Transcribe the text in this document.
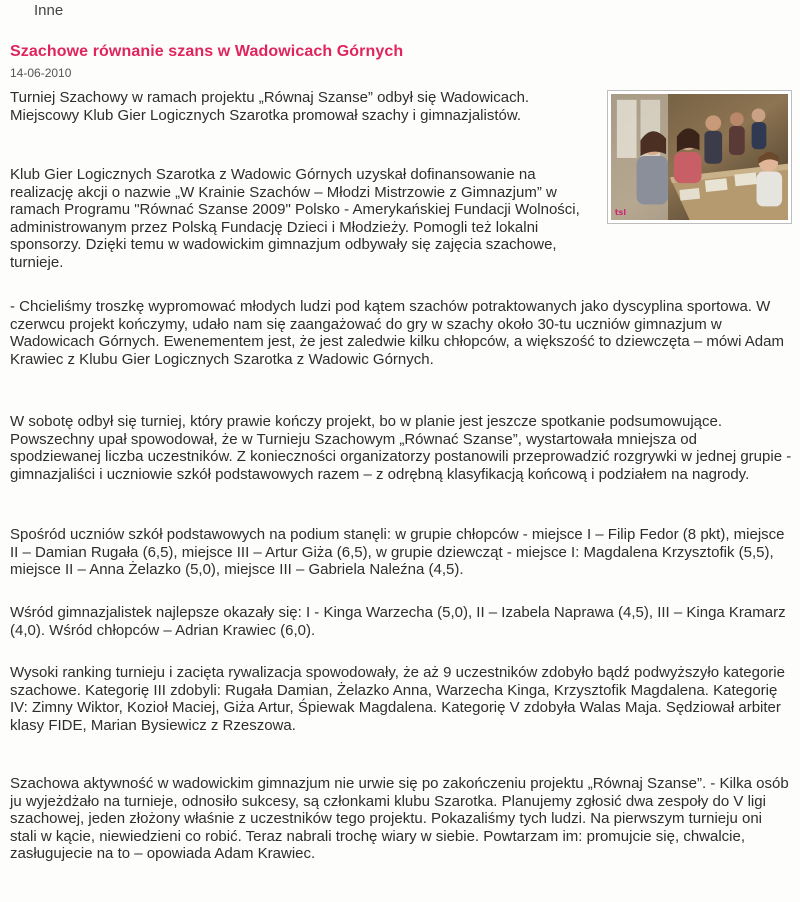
Inne
Szachowe równanie szans w Wadowicach Górnych
14-06-2010
tsl

Turniej Szachowy w ramach projektu „Równaj Szanse” odbył się Wadowicach. Miejscowy Klub Gier Logicznych Szarotka promował szachy i gimnazjalistów.

Klub Gier Logicznych Szarotka z Wadowic Górnych uzyskał dofinansowanie na realizację akcji o nazwie „W Krainie Szachów – Młodzi Mistrzowie z Gimnazjum” w ramach Programu "Równać Szanse 2009" Polsko - Amerykańskiej Fundacji Wolności, administrowanym przez Polską Fundację Dzieci i Młodzieży. Pomogli też lokalni sponsorzy. Dzięki temu w wadowickim gimnazjum odbywały się zajęcia szachowe, turnieje.

- Chcieliśmy troszkę wypromować młodych ludzi pod kątem szachów potraktowanych jako dyscyplina sportowa. W czerwcu projekt kończymy, udało nam się zaangażować do gry w szachy około 30-tu uczniów gimnazjum w Wadowicach Górnych. Ewenementem jest, że jest zaledwie kilku chłopców, a większość to dziewczęta – mówi Adam Krawiec z Klubu Gier Logicznych Szarotka z Wadowic Górnych.

W sobotę odbył się turniej, który prawie kończy projekt, bo w planie jest jeszcze spotkanie podsumowujące. Powszechny upał spowodował, że w Turnieju Szachowym „Równać Szanse”, wystartowała mniejsza od spodziewanej liczba uczestników. Z konieczności organizatorzy postanowili przeprowadzić rozgrywki w jednej grupie - gimnazjaliści i uczniowie szkół podstawowych razem – z odrębną klasyfikacją końcową i podziałem na nagrody.

Spośród uczniów szkół podstawowych na podium stanęli: w grupie chłopców - miejsce I – Filip Fedor (8 pkt), miejsce II – Damian Rugała (6,5), miejsce III – Artur Giża (6,5), w grupie dziewcząt - miejsce I: Magdalena Krzysztofik (5,5), miejsce II – Anna Żelazko (5,0), miejsce III – Gabriela Naleźna (4,5).

Wśród gimnazjalistek najlepsze okazały się: I - Kinga Warzecha (5,0), II – Izabela Naprawa (4,5), III – Kinga Kramarz (4,0). Wśród chłopców – Adrian Krawiec (6,0).

Wysoki ranking turnieju i zacięta rywalizacja spowodowały, że aż 9 uczestników zdobyło bądź podwyższyło kategorie szachowe. Kategorię III zdobyli: Rugała Damian, Żelazko Anna, Warzecha Kinga, Krzysztofik Magdalena. Kategorię IV: Zimny Wiktor, Kozioł Maciej, Giża Artur, Śpiewak Magdalena. Kategorię V zdobyła Walas Maja. Sędziował arbiter klasy FIDE, Marian Bysiewicz z Rzeszowa.

Szachowa aktywność w wadowickim gimnazjum nie urwie się po zakończeniu projektu „Równaj Szanse”. - Kilka osób ju wyjeżdżało na turnieje, odnosiło sukcesy, są członkami klubu Szarotka. Planujemy zgłosić dwa zespoły do V ligi szachowej, jeden złożony właśnie z uczestników tego projektu. Pokazaliśmy tych ludzi. Na pierwszym turnieju oni stali w kącie, niewiedzieni co robić. Teraz nabrali trochę wiary w siebie. Powtarzam im: promujcie się, chwalcie, zasługujecie na to – opowiada Adam Krawiec.
